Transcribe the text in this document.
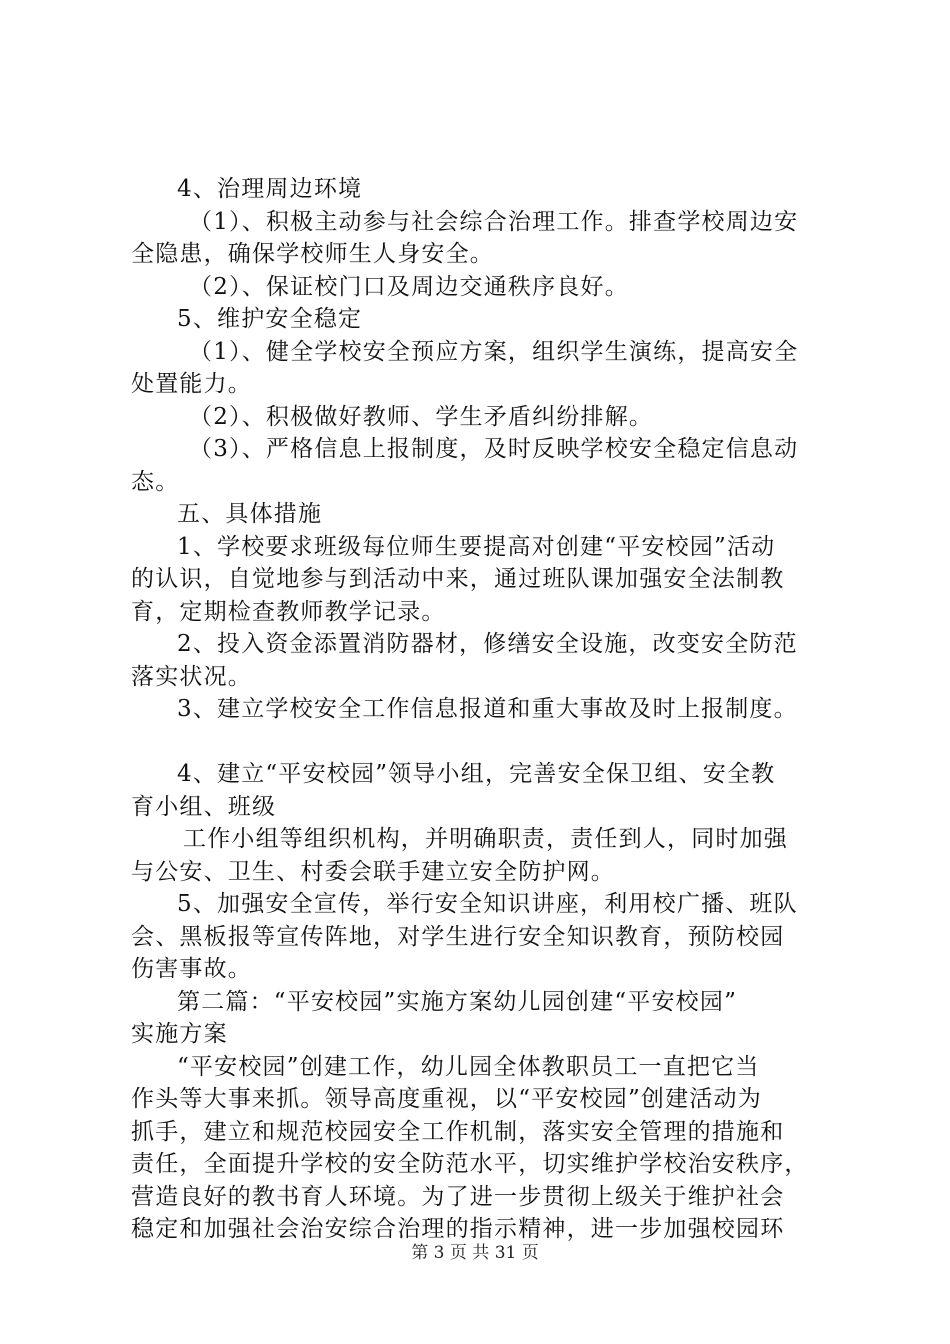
4、治理周边环境
（1）、积极主动参与社会综合治理工作。排查学校周边安
全隐患，确保学校师生人身安全。
（2）、保证校门口及周边交通秩序良好。
5、维护安全稳定
（1）、健全学校安全预应方案，组织学生演练，提高安全
处置能力。
（2）、积极做好教师、学生矛盾纠纷排解。
（3）、严格信息上报制度，及时反映学校安全稳定信息动
态。
五、具体措施
1、学校要求班级每位师生要提高对创建“平安校园”活动
的认识，自觉地参与到活动中来，通过班队课加强安全法制教
育，定期检查教师教学记录。
2、投入资金添置消防器材，修缮安全设施，改变安全防范
落实状况。
3、建立学校安全工作信息报道和重大事故及时上报制度。
4、建立“平安校园”领导小组，完善安全保卫组、安全教
育小组、班级
工作小组等组织机构，并明确职责，责任到人，同时加强
与公安、卫生、村委会联手建立安全防护网。
5、加强安全宣传，举行安全知识讲座，利用校广播、班队
会、黑板报等宣传阵地，对学生进行安全知识教育，预防校园
伤害事故。
第二篇：“平安校园”实施方案幼儿园创建“平安校园”
实施方案
“平安校园”创建工作，幼儿园全体教职员工一直把它当
作头等大事来抓。领导高度重视，以“平安校园”创建活动为
抓手，建立和规范校园安全工作机制，落实安全管理的措施和
责任，全面提升学校的安全防范水平，切实维护学校治安秩序，
营造良好的教书育人环境。为了进一步贯彻上级关于维护社会
稳定和加强社会治安综合治理的指示精神，进一步加强校园环
第 3 页 共 31 页
